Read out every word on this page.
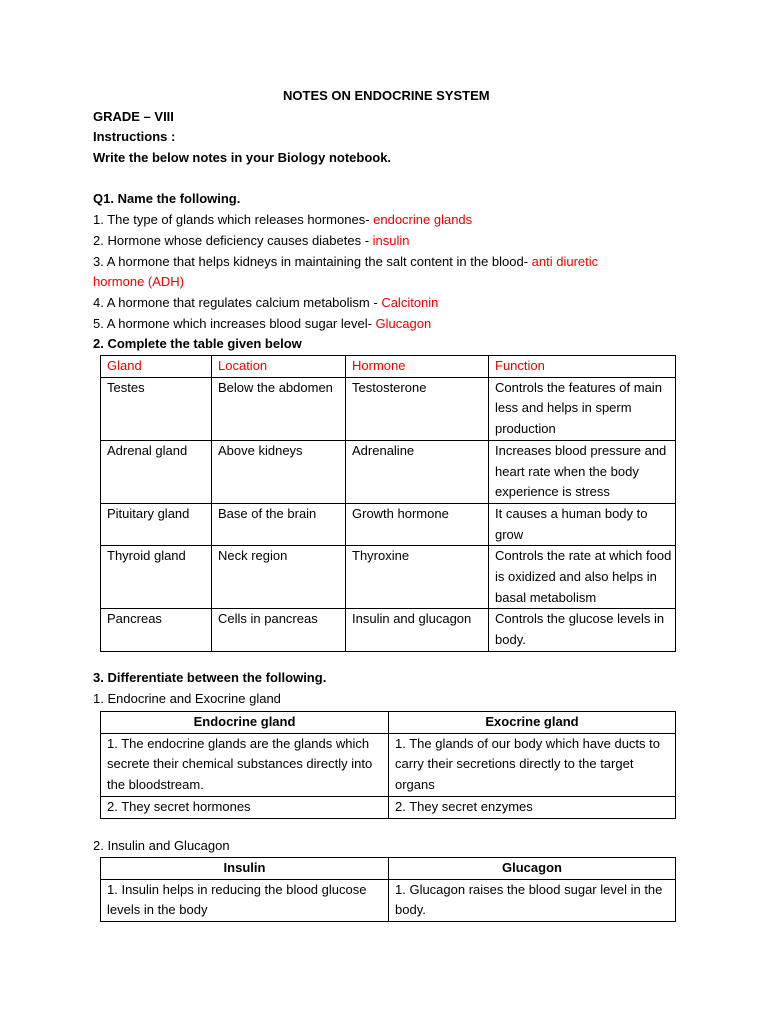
NOTES ON ENDOCRINE SYSTEM
GRADE – VIII
Instructions :
Write the below notes in your Biology notebook.
Q1. Name the following.
1. The type of glands which releases hormones- endocrine glands
2. Hormone whose deficiency causes diabetes - insulin
3. A hormone that helps kidneys in maintaining the salt content in the blood- anti diuretic
hormone (ADH)
4. A hormone that regulates calcium metabolism - Calcitonin
5. A hormone which increases blood sugar level- Glucagon
2. Complete the table given below
Gland	Location	Hormone	Function
Testes	Below the abdomen	Testosterone	Controls the features of main less and helps in sperm production
Adrenal gland	Above kidneys	Adrenaline	Increases blood pressure and heart rate when the body experience is stress
Pituitary gland	Base of the brain	Growth hormone	It causes a human body to grow
Thyroid gland	Neck region	Thyroxine	Controls the rate at which food is oxidized and also helps in basal metabolism
Pancreas	Cells in pancreas	Insulin and glucagon	Controls the glucose levels in body.
3. Differentiate between the following.
1. Endocrine and Exocrine gland
Endocrine gland	Exocrine gland
1. The endocrine glands are the glands which secrete their chemical substances directly into the bloodstream.	1. The glands of our body which have ducts to carry their secretions directly to the target organs
2. They secret hormones	2. They secret enzymes
2. Insulin and Glucagon
Insulin	Glucagon
1. Insulin helps in reducing the blood glucose levels in the body	1. Glucagon raises the blood sugar level in the body.
